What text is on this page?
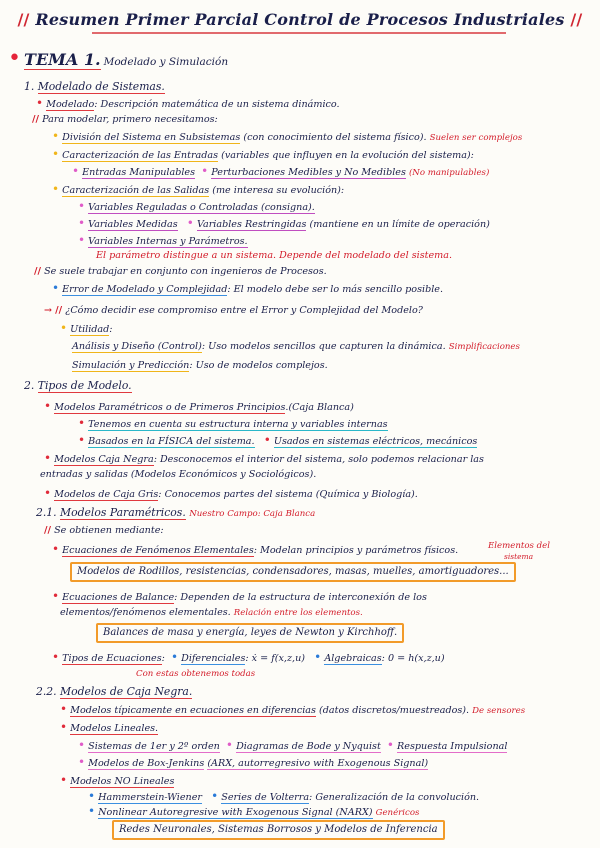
// Resumen Primer Parcial Control de Procesos Industriales //
• TEMA 1. Modelado y Simulación
1. Modelado de Sistemas.
• Modelado: Descripción matemática de un sistema dinámico.
// Para modelar, primero necesitamos:
• División del Sistema en Subsistemas (con conocimiento del sistema físico). Suelen ser complejos
• Caracterización de las Entradas (variables que influyen en la evolución del sistema):
• Entradas Manipulables • Perturbaciones Medibles y No Medibles (No manipulables)
• Caracterización de las Salidas (me interesa su evolución):
• Variables Reguladas o Controladas (consigna).
• Variables Medidas • Variables Restringidas (mantiene en un límite de operación)
• Variables Internas y Parámetros.
El parámetro distingue a un sistema. Depende del modelado del sistema.
// Se suele trabajar en conjunto con ingenieros de Procesos.
• Error de Modelado y Complejidad: El modelo debe ser lo más sencillo posible.
→ // ¿Cómo decidir ese compromiso entre el Error y Complejidad del Modelo?
• Utilidad:
Análisis y Diseño (Control): Uso modelos sencillos que capturen la dinámica. Simplificaciones
Simulación y Predicción: Uso de modelos complejos.
2. Tipos de Modelo.
• Modelos Paramétricos o de Primeros Principios.(Caja Blanca)
• Tenemos en cuenta su estructura interna y variables internas
• Basados en la FÍSICA del sistema. • Usados en sistemas eléctricos, mecánicos
• Modelos Caja Negra: Desconocemos el interior del sistema, solo podemos relacionar las
entradas y salidas (Modelos Económicos y Sociológicos).
• Modelos de Caja Gris: Conocemos partes del sistema (Química y Biología).
2.1. Modelos Paramétricos. Nuestro Campo: Caja Blanca
// Se obtienen mediante:
• Ecuaciones de Fenómenos Elementales: Modelan principios y parámetros físicos.	Elementos del
sistema
Modelos de Rodillos, resistencias, condensadores, masas, muelles, amortiguadores...
• Ecuaciones de Balance: Dependen de la estructura de interconexión de los
elementos/fenómenos elementales. Relación entre los elementos.
Balances de masa y energía, leyes de Newton y Kirchhoff.
• Tipos de Ecuaciones:  • Diferenciales: ẋ = f(x,z,u) • Algebraicas: 0 = h(x,z,u)
Con estas obtenemos todas
2.2. Modelos de Caja Negra.
• Modelos típicamente en ecuaciones en diferencias (datos discretos/muestreados). De sensores
• Modelos Lineales.
• Sistemas de 1er y 2º orden • Diagramas de Bode y Nyquist • Respuesta Impulsional
• Modelos de Box-Jenkins (ARX, autorregresivo with Exogenous Signal)
• Modelos NO Lineales
• Hammerstein-Wiener • Series de Volterra: Generalización de la convolución.
• Nonlinear Autoregresive with Exogenous Signal (NARX) Genéricos
Redes Neuronales, Sistemas Borrosos y Modelos de Inferencia
